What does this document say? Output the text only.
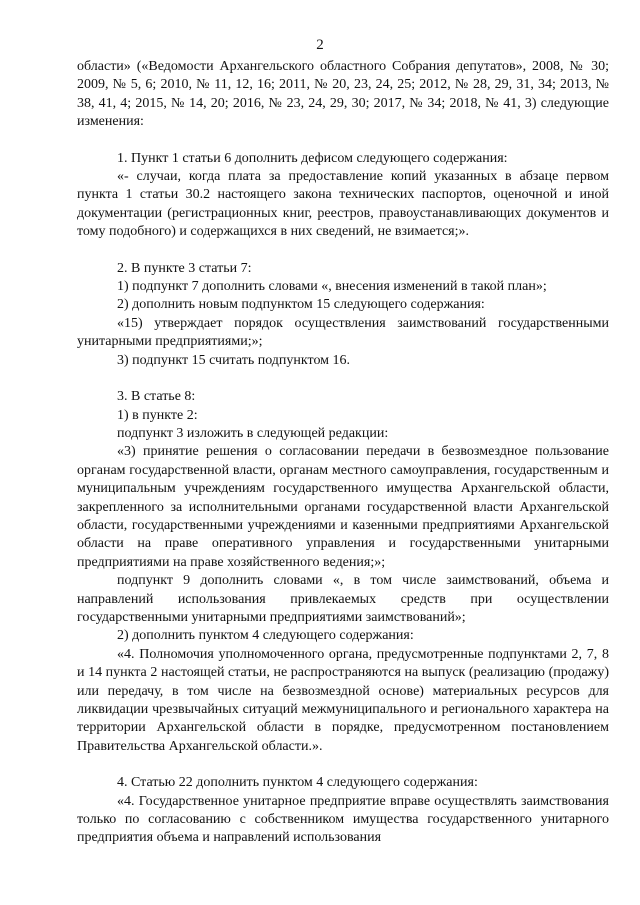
2

области» («Ведомости Архангельского областного Собрания депутатов», 2008, № 30; 2009, № 5, 6; 2010, № 11, 12, 16; 2011, № 20, 23, 24, 25; 2012, № 28, 29, 31, 34; 2013, № 38, 41, 4; 2015, № 14, 20; 2016, № 23, 24, 29, 30; 2017, № 34; 2018, № 41, 3) следующие изменения:

1. Пункт 1 статьи 6 дополнить дефисом следующего содержания:

«- случаи, когда плата за предоставление копий указанных в абзаце первом пункта 1 статьи 30.2 настоящего закона технических паспортов, оценочной и иной документации (регистрационных книг, реестров, правоустанавливающих документов и тому подобного) и содержащихся в них сведений, не взимается;».

2. В пункте 3 статьи 7:

1) подпункт 7 дополнить словами «, внесения изменений в такой план»;

2) дополнить новым подпунктом 15 следующего содержания:

«15) утверждает порядок осуществления заимствований государственными унитарными предприятиями;»;

3) подпункт 15 считать подпунктом 16.

3. В статье 8:

1) в пункте 2:

подпункт 3 изложить в следующей редакции:

«3) принятие решения о согласовании передачи в безвозмездное пользование органам государственной власти, органам местного самоуправления, государственным и муниципальным учреждениям государственного имущества Архангельской области, закрепленного за исполнительными органами государственной власти Архангельской области, государственными учреждениями и казенными предприятиями Архангельской области на праве оперативного управления и государственными унитарными предприятиями на праве хозяйственного ведения;»;

подпункт 9 дополнить словами «, в том числе заимствований, объема и направлений использования привлекаемых средств при осуществлении государственными унитарными предприятиями заимствований»;

2) дополнить пунктом 4 следующего содержания:

«4. Полномочия уполномоченного органа, предусмотренные подпунктами 2, 7, 8 и 14 пункта 2 настоящей статьи, не распространяются на выпуск (реализацию (продажу) или передачу, в том числе на безвозмездной основе) материальных ресурсов для ликвидации чрезвычайных ситуаций межмуниципального и регионального характера на территории Архангельской области в порядке, предусмотренном постановлением Правительства Архангельской области.».

4. Статью 22 дополнить пунктом 4 следующего содержания:

«4. Государственное унитарное предприятие вправе осуществлять заимствования только по согласованию с собственником имущества государственного унитарного предприятия объема и направлений использования
